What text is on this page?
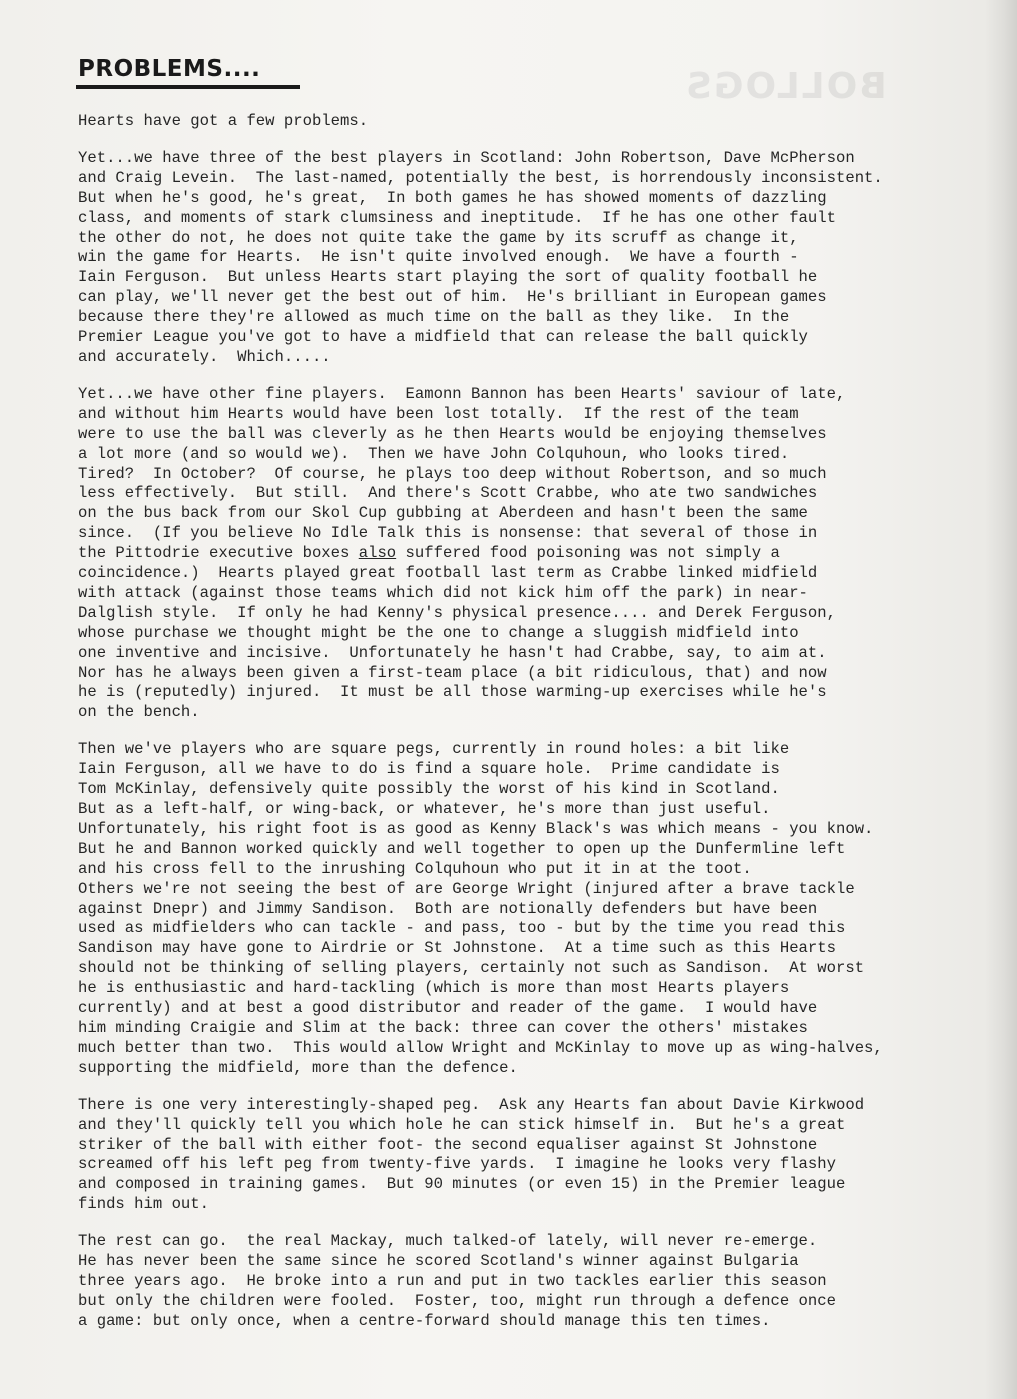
BOLLOGS
PROBLEMS....
Hearts have got a few problems.
Yet...we have three of the best players in Scotland: John Robertson, Dave McPherson
and Craig Levein.  The last-named, potentially the best, is horrendously inconsistent.
But when he's good, he's great,  In both games he has showed moments of dazzling
class, and moments of stark clumsiness and ineptitude.  If he has one other fault
the other do not, he does not quite take the game by its scruff as change it,
win the game for Hearts.  He isn't quite involved enough.  We have a fourth -
Iain Ferguson.  But unless Hearts start playing the sort of quality football he
can play, we'll never get the best out of him.  He's brilliant in European games
because there they're allowed as much time on the ball as they like.  In the
Premier League you've got to have a midfield that can release the ball quickly
and accurately.  Which.....
Yet...we have other fine players.  Eamonn Bannon has been Hearts' saviour of late,
and without him Hearts would have been lost totally.  If the rest of the team
were to use the ball was cleverly as he then Hearts would be enjoying themselves
a lot more (and so would we).  Then we have John Colquhoun, who looks tired.
Tired?  In October?  Of course, he plays too deep without Robertson, and so much
less effectively.  But still.  And there's Scott Crabbe, who ate two sandwiches
on the bus back from our Skol Cup gubbing at Aberdeen and hasn't been the same
since.  (If you believe No Idle Talk this is nonsense: that several of those in
the Pittodrie executive boxes also suffered food poisoning was not simply a
coincidence.)  Hearts played great football last term as Crabbe linked midfield
with attack (against those teams which did not kick him off the park) in near-
Dalglish style.  If only he had Kenny's physical presence.... and Derek Ferguson,
whose purchase we thought might be the one to change a sluggish midfield into
one inventive and incisive.  Unfortunately he hasn't had Crabbe, say, to aim at.
Nor has he always been given a first-team place (a bit ridiculous, that) and now
he is (reputedly) injured.  It must be all those warming-up exercises while he's
on the bench.
Then we've players who are square pegs, currently in round holes: a bit like
Iain Ferguson, all we have to do is find a square hole.  Prime candidate is
Tom McKinlay, defensively quite possibly the worst of his kind in Scotland.
But as a left-half, or wing-back, or whatever, he's more than just useful.
Unfortunately, his right foot is as good as Kenny Black's was which means - you know.
But he and Bannon worked quickly and well together to open up the Dunfermline left
and his cross fell to the inrushing Colquhoun who put it in at the toot.
Others we're not seeing the best of are George Wright (injured after a brave tackle
against Dnepr) and Jimmy Sandison.  Both are notionally defenders but have been
used as midfielders who can tackle - and pass, too - but by the time you read this
Sandison may have gone to Airdrie or St Johnstone.  At a time such as this Hearts
should not be thinking of selling players, certainly not such as Sandison.  At worst
he is enthusiastic and hard-tackling (which is more than most Hearts players
currently) and at best a good distributor and reader of the game.  I would have
him minding Craigie and Slim at the back: three can cover the others' mistakes
much better than two.  This would allow Wright and McKinlay to move up as wing-halves,
supporting the midfield, more than the defence.
There is one very interestingly-shaped peg.  Ask any Hearts fan about Davie Kirkwood
and they'll quickly tell you which hole he can stick himself in.  But he's a great
striker of the ball with either foot- the second equaliser against St Johnstone
screamed off his left peg from twenty-five yards.  I imagine he looks very flashy
and composed in training games.  But 90 minutes (or even 15) in the Premier league
finds him out.
The rest can go.  the real Mackay, much talked-of lately, will never re-emerge.
He has never been the same since he scored Scotland's winner against Bulgaria
three years ago.  He broke into a run and put in two tackles earlier this season
but only the children were fooled.  Foster, too, might run through a defence once
a game: but only once, when a centre-forward should manage this ten times.
